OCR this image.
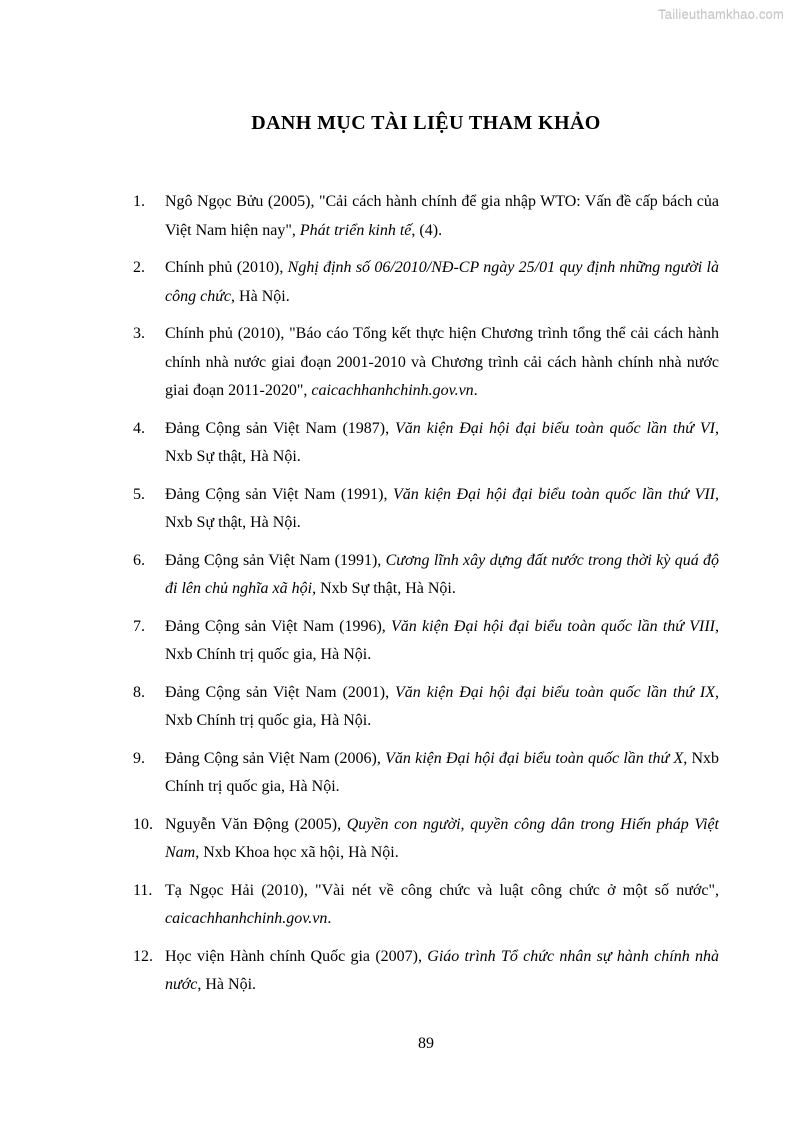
Tailieuthamkhao.com
DANH MỤC TÀI LIỆU THAM KHẢO
1.	Ngô Ngọc Bửu (2005), "Cải cách hành chính để gia nhập WTO: Vấn đề cấp bách của Việt Nam hiện nay", Phát triển kinh tế, (4).
2.	Chính phủ (2010), Nghị định số 06/2010/NĐ-CP ngày 25/01 quy định những người là công chức, Hà Nội.
3.	Chính phủ (2010), "Báo cáo Tổng kết thực hiện Chương trình tổng thể cải cách hành chính nhà nước giai đoạn 2001-2010 và Chương trình cải cách hành chính nhà nước giai đoạn 2011-2020", caicachhanhchinh.gov.vn.
4.	Đảng Cộng sản Việt Nam (1987), Văn kiện Đại hội đại biểu toàn quốc lần thứ VI, Nxb Sự thật, Hà Nội.
5.	Đảng Cộng sản Việt Nam (1991), Văn kiện Đại hội đại biểu toàn quốc lần thứ VII, Nxb Sự thật, Hà Nội.
6.	Đảng Cộng sản Việt Nam (1991), Cương lĩnh xây dựng đất nước trong thời kỳ quá độ đi lên chủ nghĩa xã hội, Nxb Sự thật, Hà Nội.
7.	Đảng Cộng sản Việt Nam (1996), Văn kiện Đại hội đại biểu toàn quốc lần thứ VIII, Nxb Chính trị quốc gia, Hà Nội.
8.	Đảng Cộng sản Việt Nam (2001), Văn kiện Đại hội đại biểu toàn quốc lần thứ IX, Nxb Chính trị quốc gia, Hà Nội.
9.	Đảng Cộng sản Việt Nam (2006), Văn kiện Đại hội đại biểu toàn quốc lần thứ X, Nxb Chính trị quốc gia, Hà Nội.
10. Nguyễn Văn Động (2005), Quyền con người, quyền công dân trong Hiến pháp Việt Nam, Nxb Khoa học xã hội, Hà Nội.
11. Tạ Ngọc Hải (2010), "Vài nét về công chức và luật công chức ở một số nước", caicachhanhchinh.gov.vn.
12. Học viện Hành chính Quốc gia (2007), Giáo trình Tổ chức nhân sự hành chính nhà nước, Hà Nội.
89
